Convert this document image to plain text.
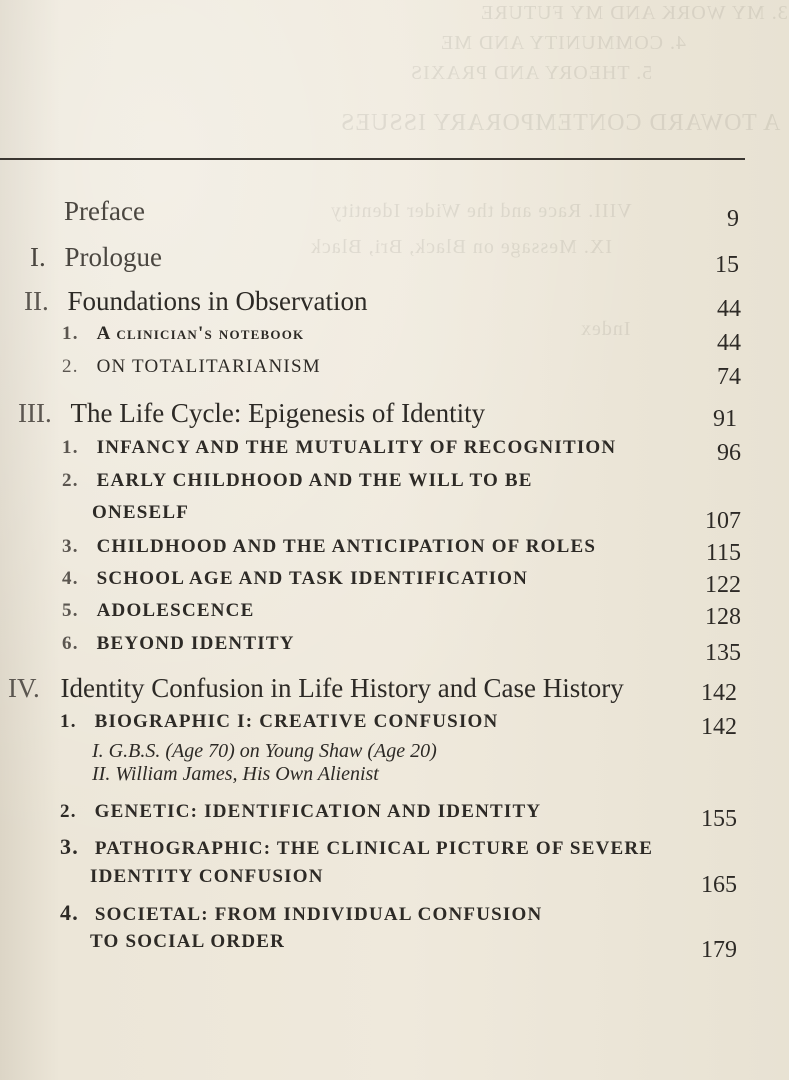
3. MY WORK AND MY FUTURE
4. COMMUNITY AND ME
5. THEORY AND PRAXIS
A TOWARD CONTEMPORARY ISSUES
VIII. Race and the Wider Identity
IX. Message on Black, Bri, Black
Index
Preface	9
I. Prologue	15
II. Foundations in Observation	44
1. A clinician's notebook	44
2. ON TOTALITARIANISM	74
III. The Life Cycle: Epigenesis of Identity	91
1. INFANCY AND THE MUTUALITY OF RECOGNITION	96
2. EARLY CHILDHOOD AND THE WILL TO BE
ONESELF	107
3. CHILDHOOD AND THE ANTICIPATION OF ROLES	115
4. SCHOOL AGE AND TASK IDENTIFICATION	122
5. ADOLESCENCE	128
6. BEYOND IDENTITY	135
IV. Identity Confusion in Life History and Case History	142
1. BIOGRAPHIC I: CREATIVE CONFUSION	142
I. G.B.S. (Age 70) on Young Shaw (Age 20)
II. William James, His Own Alienist
2. GENETIC: IDENTIFICATION AND IDENTITY	155
3. PATHOGRAPHIC: THE CLINICAL PICTURE OF SEVERE
IDENTITY CONFUSION	165
4. SOCIETAL: FROM INDIVIDUAL CONFUSION
TO SOCIAL ORDER	179
